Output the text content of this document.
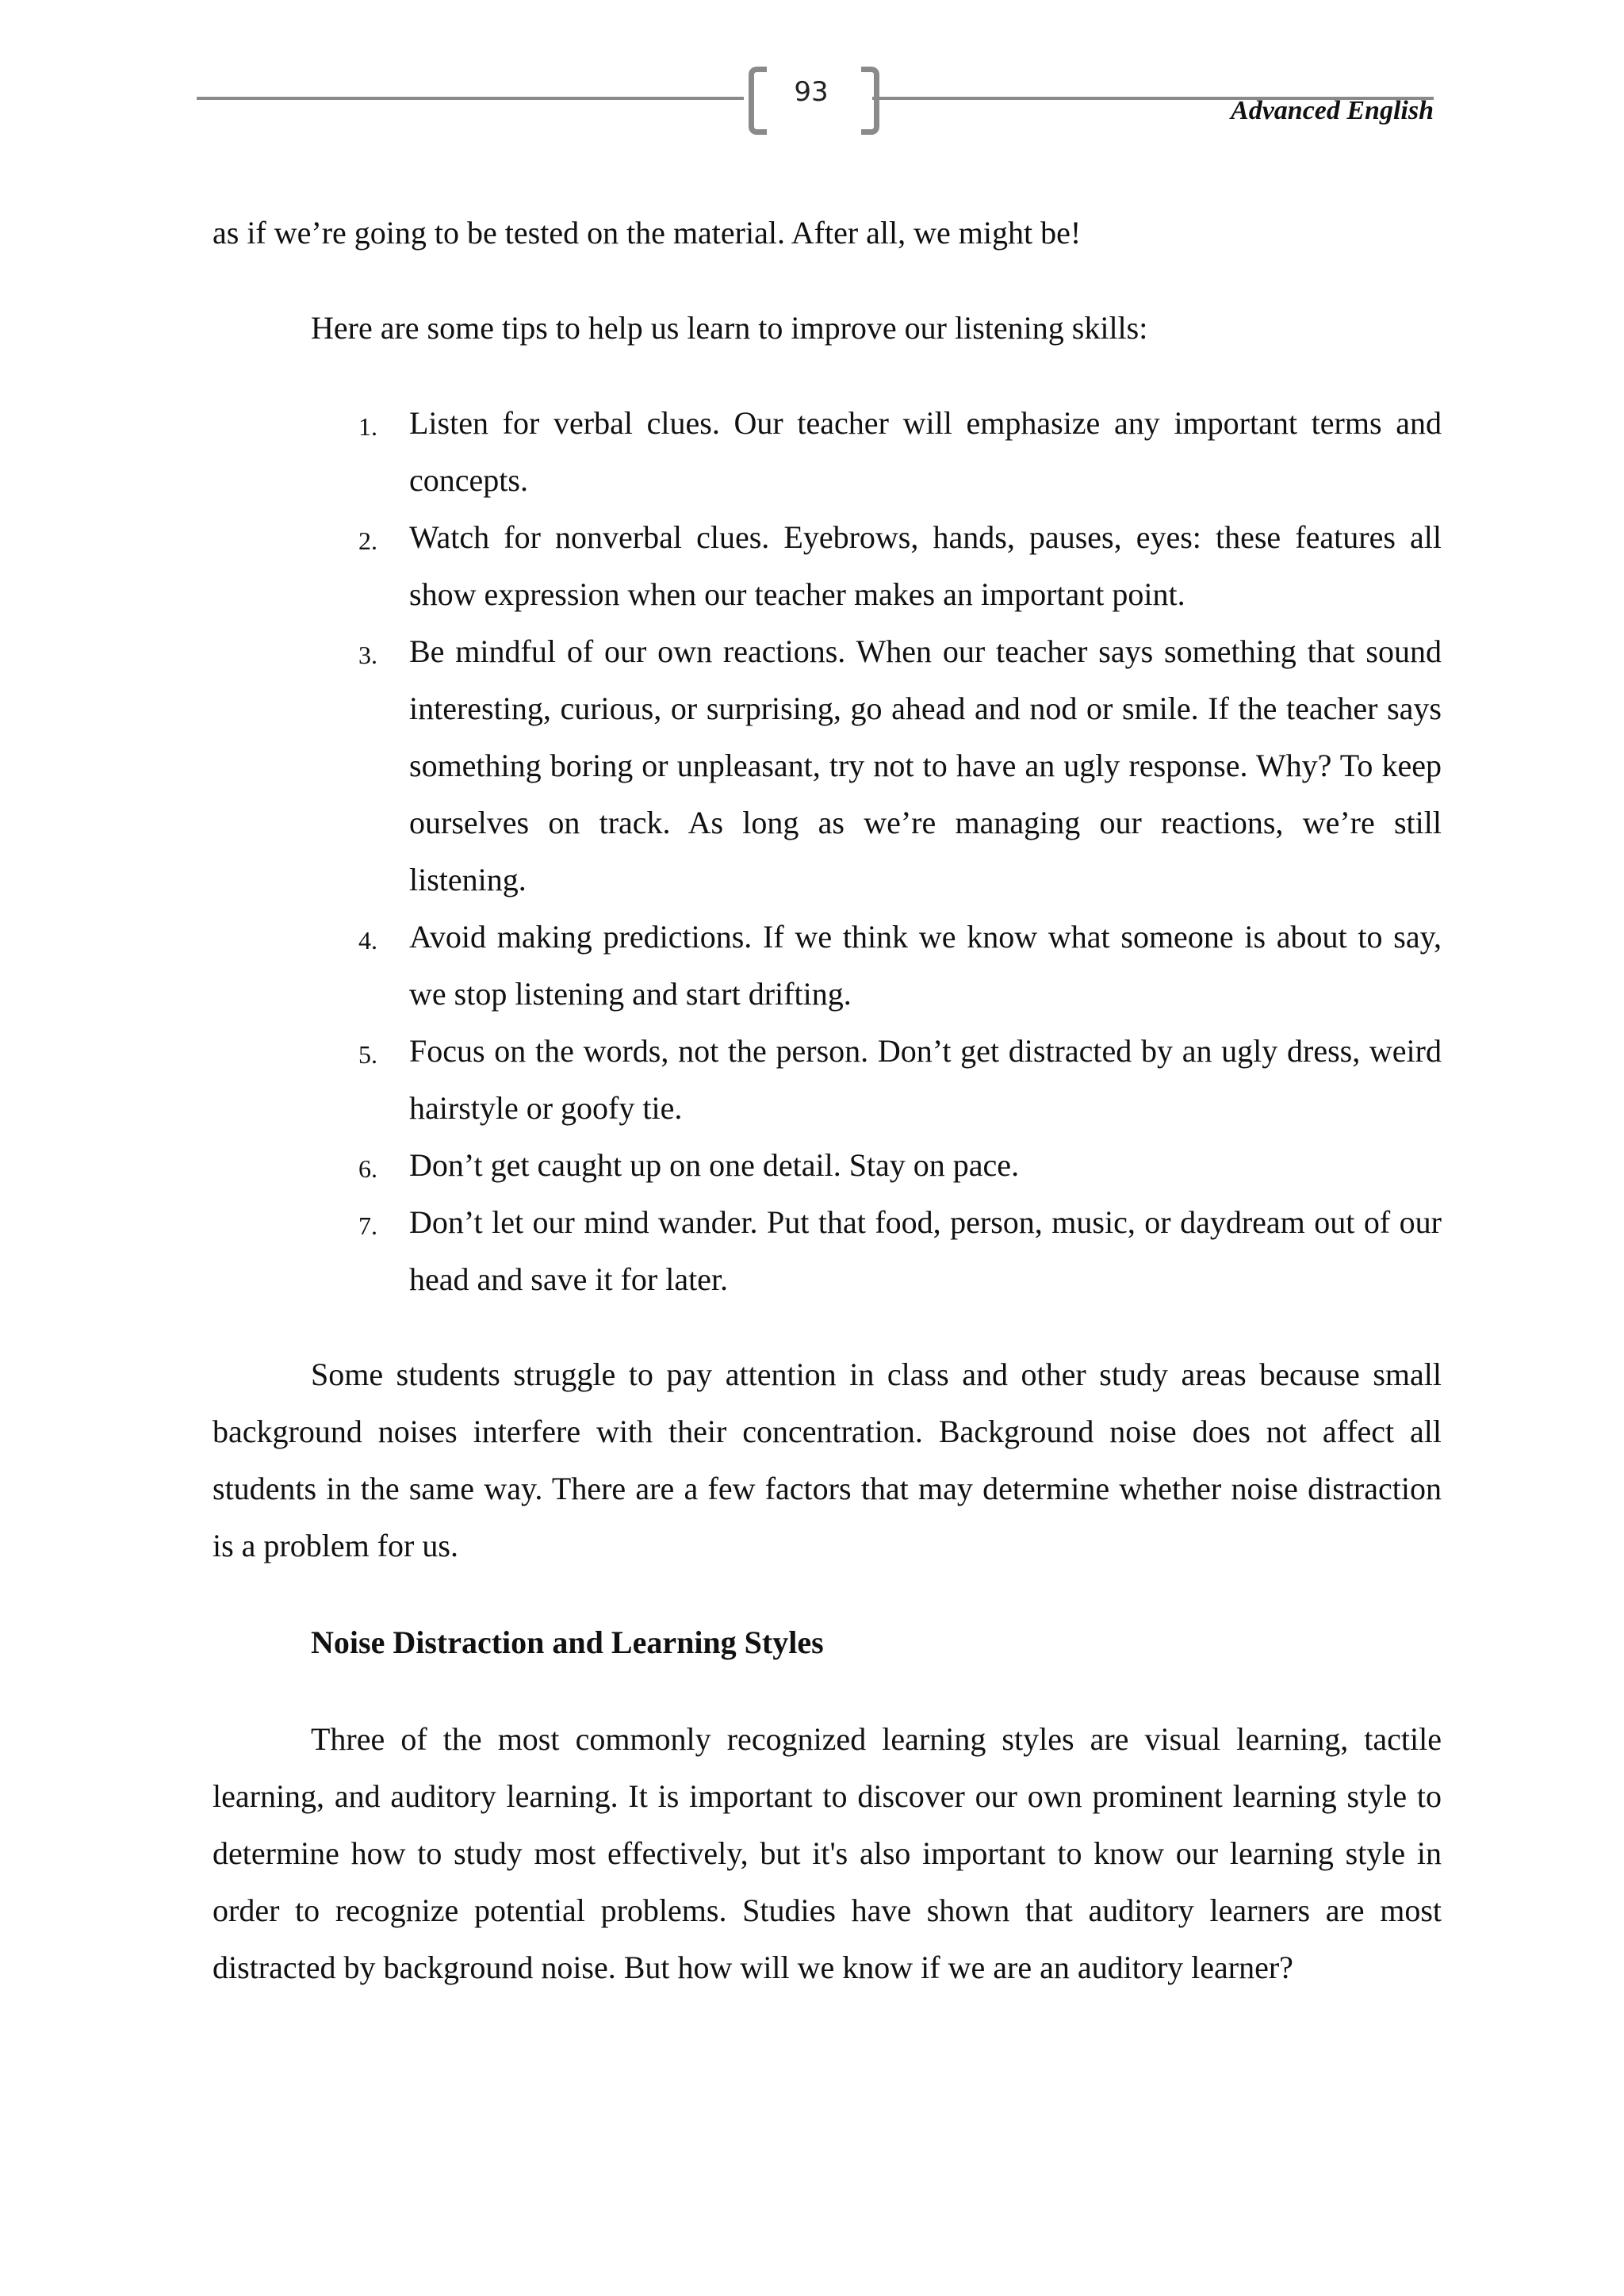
93
Advanced English

as if we’re going to be tested on the material. After all, we might be!

Here are some tips to help us learn to improve our listening skills:

1. Listen for verbal clues. Our teacher will emphasize any important terms and concepts.
2. Watch for nonverbal clues. Eyebrows, hands, pauses, eyes: these features all show expression when our teacher makes an important point.
3. Be mindful of our own reactions. When our teacher says something that sound interesting, curious, or surprising, go ahead and nod or smile. If the teacher says something boring or unpleasant, try not to have an ugly response. Why? To keep ourselves on track. As long as we’re managing our reactions, we’re still listening.
4. Avoid making predictions. If we think we know what someone is about to say, we stop listening and start drifting.
5. Focus on the words, not the person. Don’t get distracted by an ugly dress, weird hairstyle or goofy tie.
6. Don’t get caught up on one detail. Stay on pace.
7. Don’t let our mind wander. Put that food, person, music, or daydream out of our head and save it for later.

Some students struggle to pay attention in class and other study areas because small background noises interfere with their concentration. Background noise does not affect all students in the same way. There are a few factors that may determine whether noise distraction is a problem for us.

Noise Distraction and Learning Styles

Three of the most commonly recognized learning styles are visual learning, tactile learning, and auditory learning. It is important to discover our own prominent learning style to determine how to study most effectively, but it's also important to know our learning style in order to recognize potential problems. Studies have shown that auditory learners are most distracted by background noise. But how will we know if we are an auditory learner?
